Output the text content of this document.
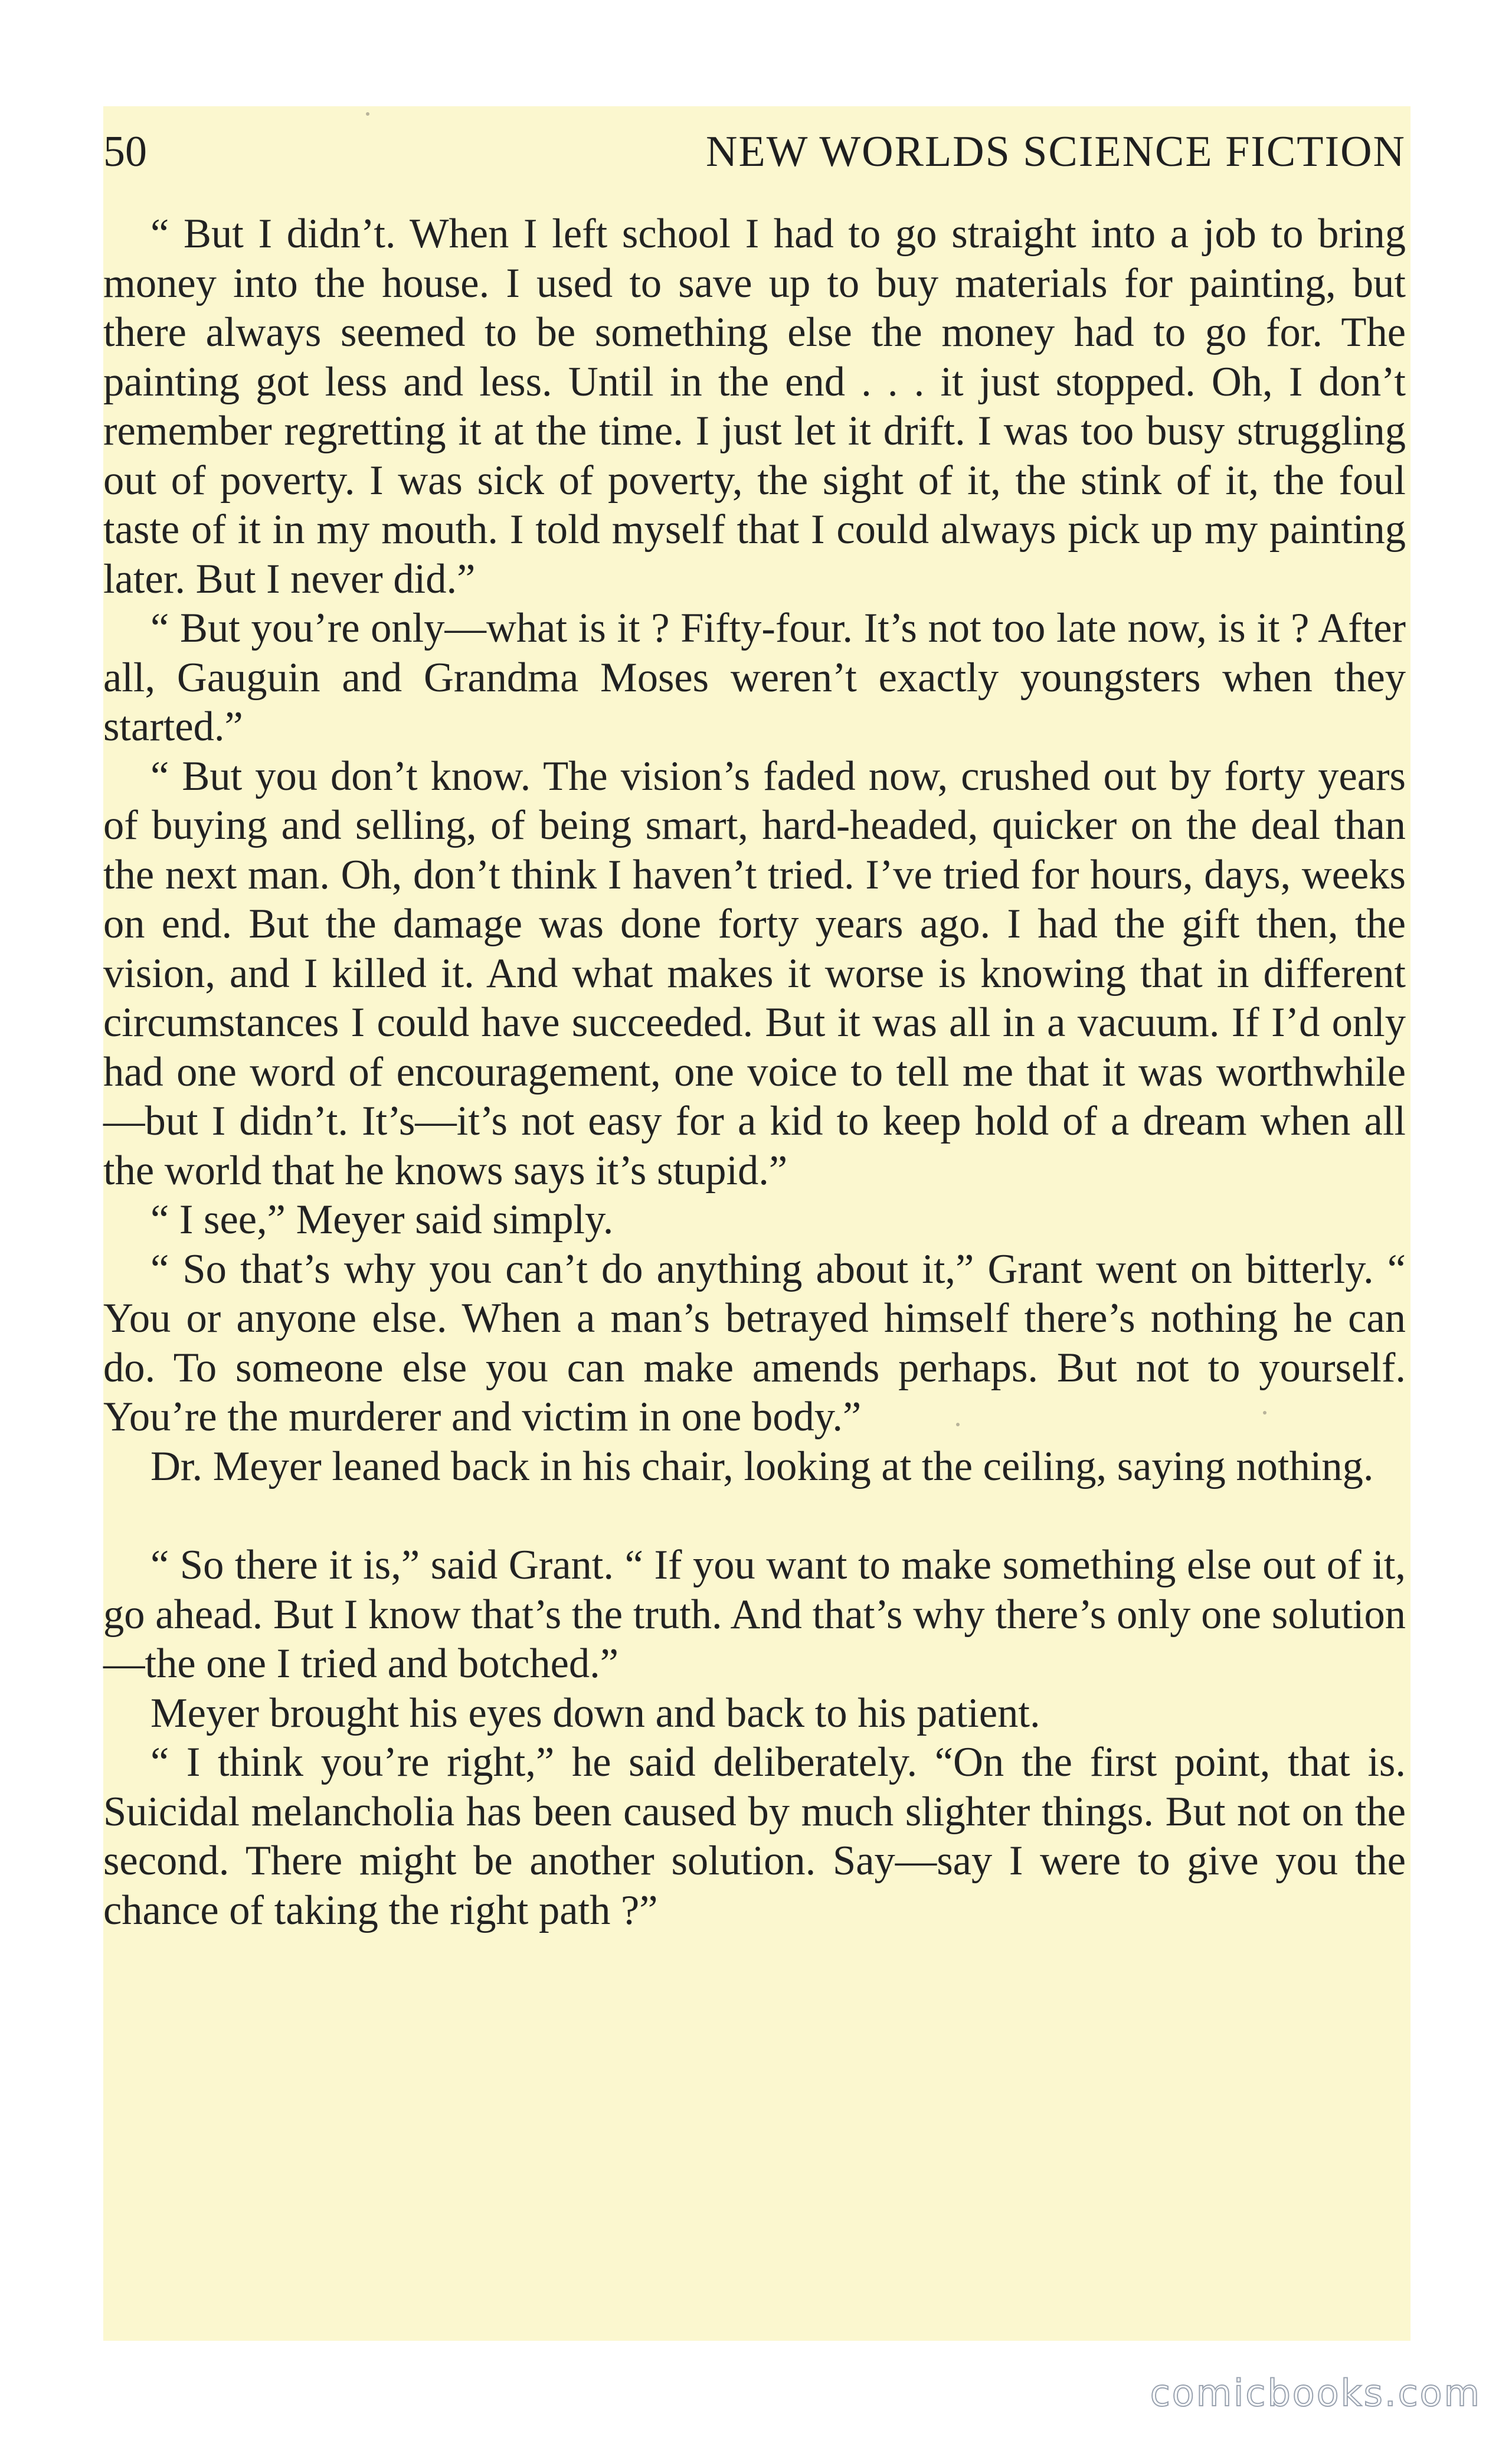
50	NEW WORLDS SCIENCE FICTION

“ But I didn’t. When I left school I had to go straight into a job to bring money into the house. I used to save up to buy materials for painting, but there always seemed to be something else the money had to go for. The painting got less and less. Until in the end . . . it just stopped. Oh, I don’t remember regretting it at the time. I just let it drift. I was too busy struggling out of poverty. I was sick of poverty, the sight of it, the stink of it, the foul taste of it in my mouth. I told myself that I could always pick up my painting later. But I never did.”

“ But you’re only—what is it ? Fifty-four. It’s not too late now, is it ? After all, Gauguin and Grandma Moses weren’t exactly youngsters when they started.”

“ But you don’t know. The vision’s faded now, crushed out by forty years of buying and selling, of being smart, hard-headed, quicker on the deal than the next man. Oh, don’t think I haven’t tried. I’ve tried for hours, days, weeks on end. But the damage was done forty years ago. I had the gift then, the vision, and I killed it. And what makes it worse is knowing that in different circumstances I could have succeeded. But it was all in a vacuum. If I’d only had one word of encouragement, one voice to tell me that it was worthwhile—but I didn’t. It’s—it’s not easy for a kid to keep hold of a dream when all the world that he knows says it’s stupid.”

“ I see,” Meyer said simply.

“ So that’s why you can’t do anything about it,” Grant went on bitterly. “ You or anyone else. When a man’s betrayed himself there’s nothing he can do. To someone else you can make amends perhaps. But not to yourself. You’re the murderer and victim in one body.”

Dr. Meyer leaned back in his chair, looking at the ceiling, saying nothing.

“ So there it is,” said Grant. “ If you want to make something else out of it, go ahead. But I know that’s the truth. And that’s why there’s only one solution—the one I tried and botched.”

Meyer brought his eyes down and back to his patient.

“ I think you’re right,” he said deliberately. “On the first point, that is. Suicidal melancholia has been caused by much slighter things. But not on the second. There might be another solution. Say—say I were to give you the chance of taking the right path ?”

comicbooks.com
